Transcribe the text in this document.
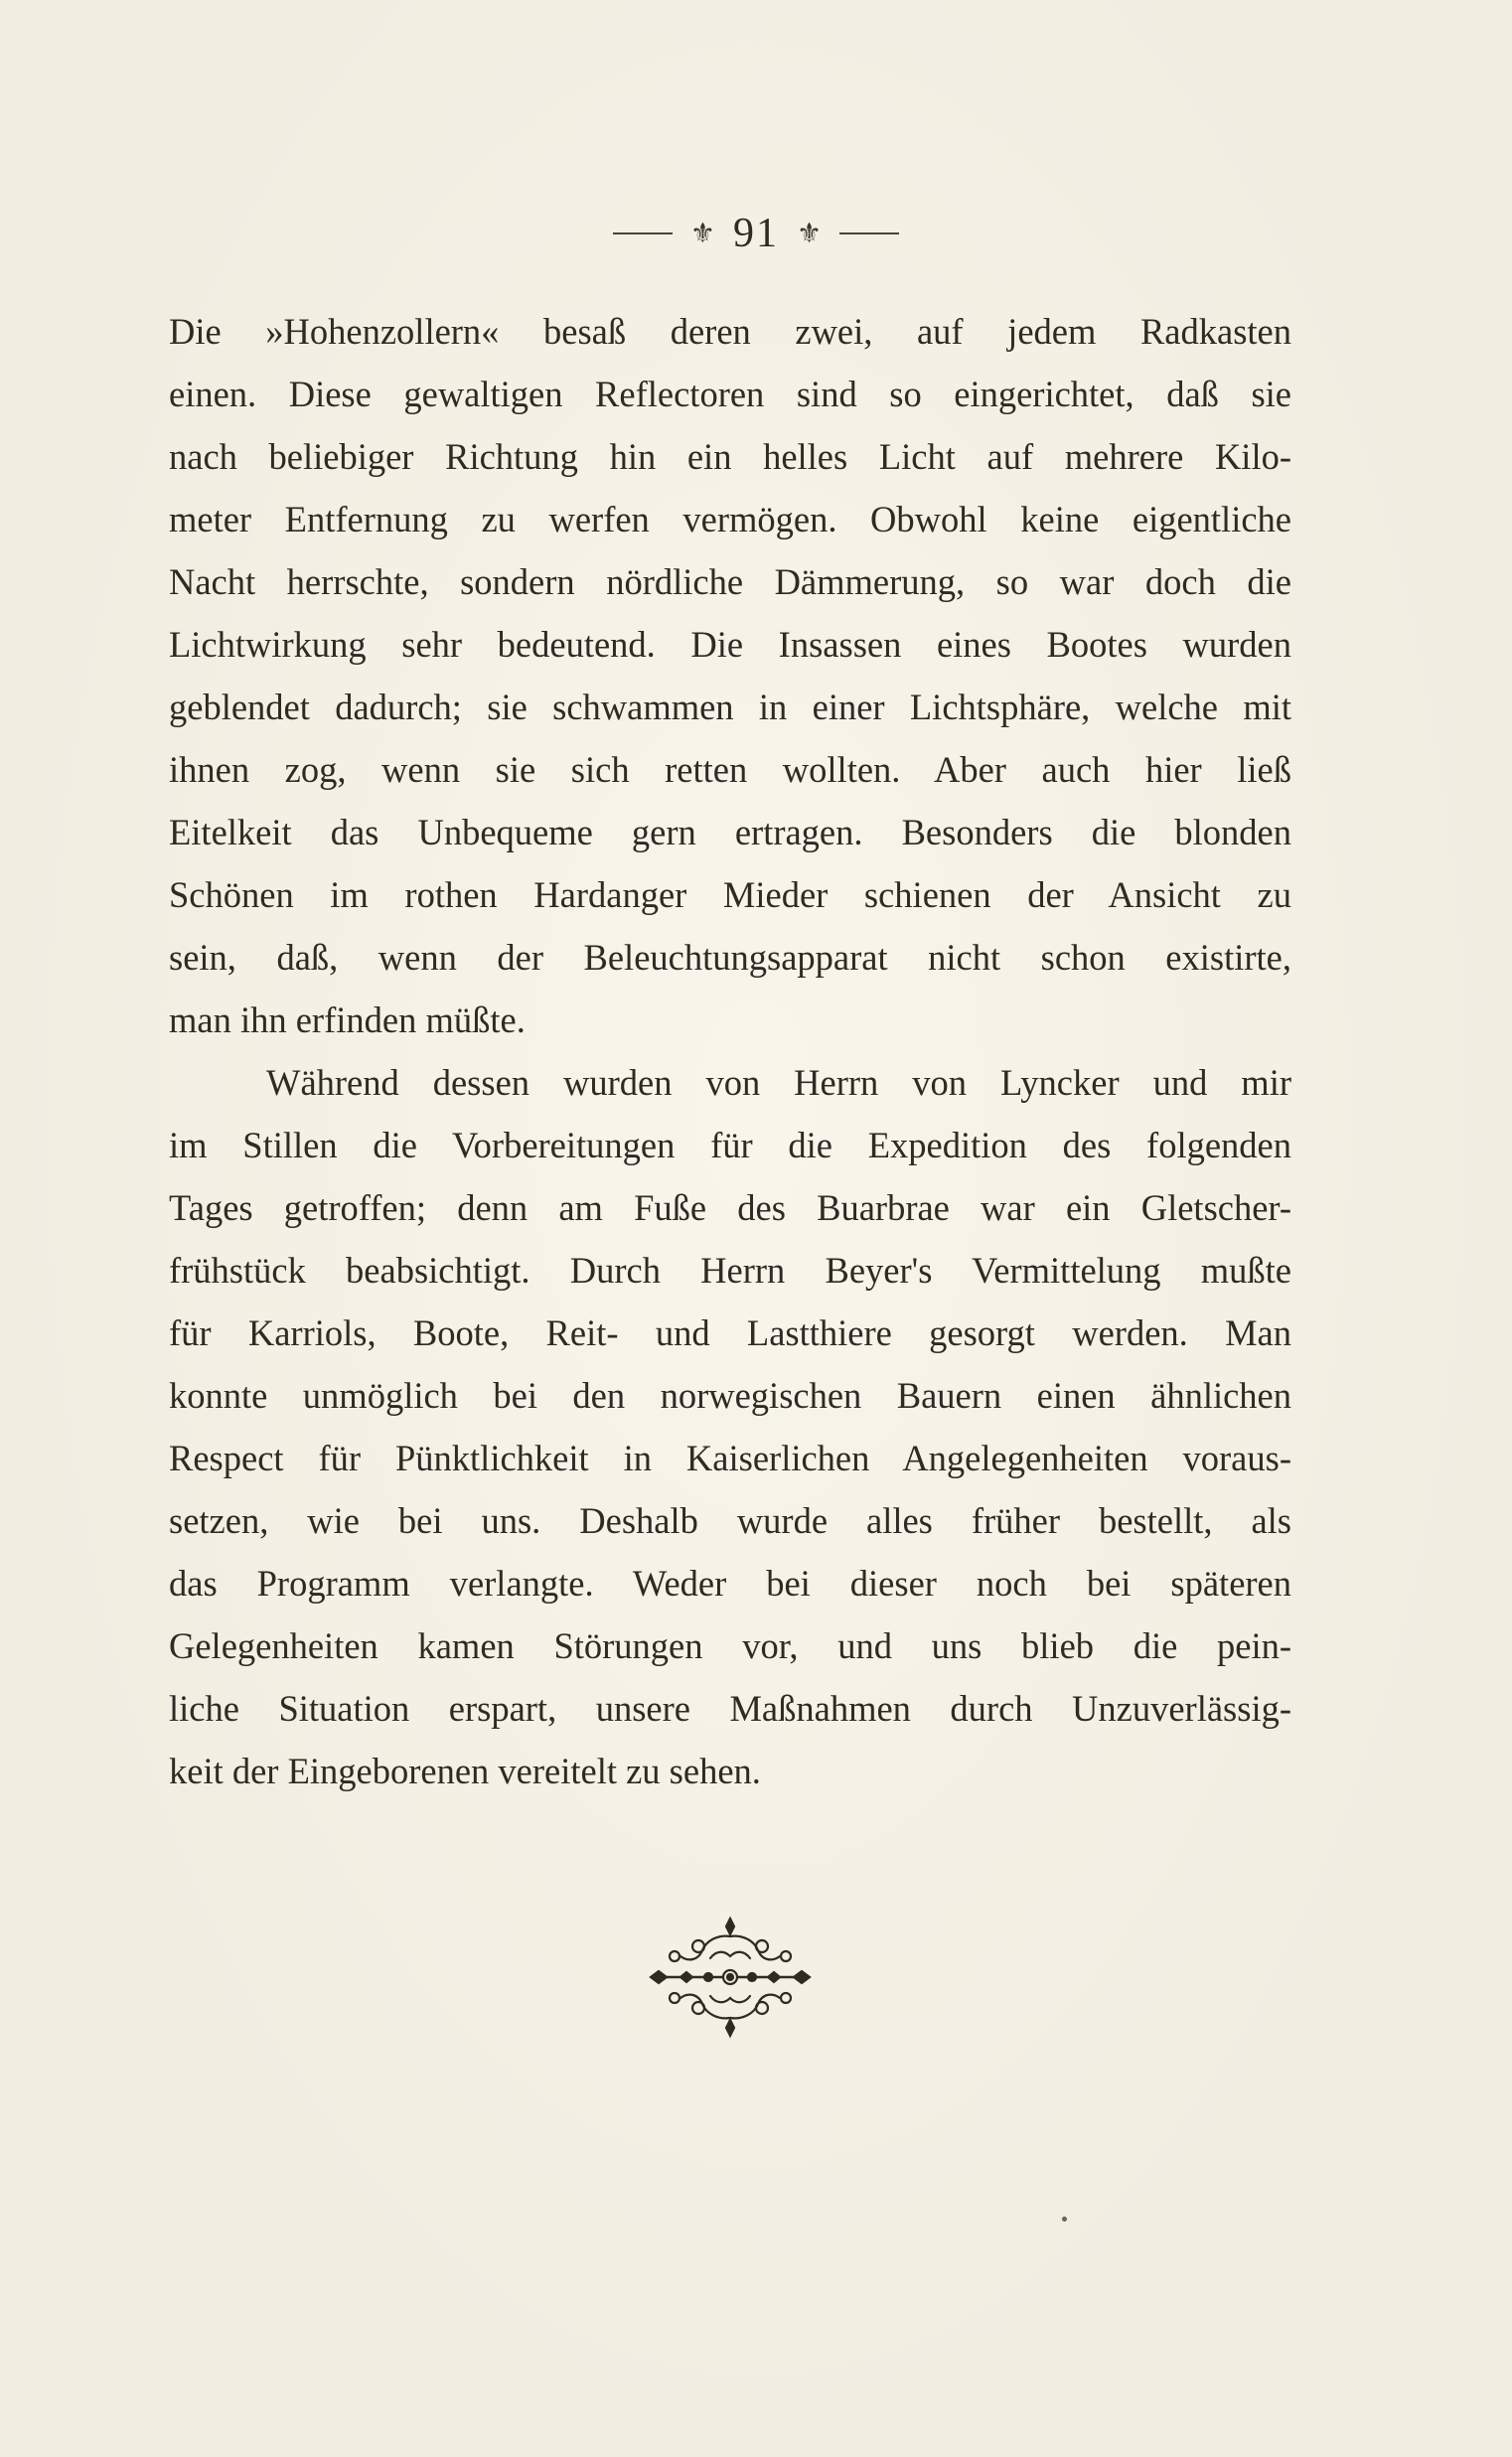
⚜ 91 ⚜
Die »Hohenzollern« besaß deren zwei, auf jedem Radkasten
einen. Diese gewaltigen Reflectoren sind so eingerichtet, daß sie
nach beliebiger Richtung hin ein helles Licht auf mehrere Kilo-
meter Entfernung zu werfen vermögen. Obwohl keine eigentliche
Nacht herrschte, sondern nördliche Dämmerung, so war doch die
Lichtwirkung sehr bedeutend. Die Insassen eines Bootes wurden
geblendet dadurch; sie schwammen in einer Lichtsphäre, welche mit
ihnen zog, wenn sie sich retten wollten. Aber auch hier ließ
Eitelkeit das Unbequeme gern ertragen. Besonders die blonden
Schönen im rothen Hardanger Mieder schienen der Ansicht zu
sein, daß, wenn der Beleuchtungsapparat nicht schon existirte,
man ihn erfinden müßte.
Während dessen wurden von Herrn von Lyncker und mir
im Stillen die Vorbereitungen für die Expedition des folgenden
Tages getroffen; denn am Fuße des Buarbrae war ein Gletscher-
frühstück beabsichtigt. Durch Herrn Beyer's Vermittelung mußte
für Karriols, Boote, Reit- und Lastthiere gesorgt werden. Man
konnte unmöglich bei den norwegischen Bauern einen ähnlichen
Respect für Pünktlichkeit in Kaiserlichen Angelegenheiten voraus-
setzen, wie bei uns. Deshalb wurde alles früher bestellt, als
das Programm verlangte. Weder bei dieser noch bei späteren
Gelegenheiten kamen Störungen vor, und uns blieb die pein-
liche Situation erspart, unsere Maßnahmen durch Unzuverlässig-
keit der Eingeborenen vereitelt zu sehen.
